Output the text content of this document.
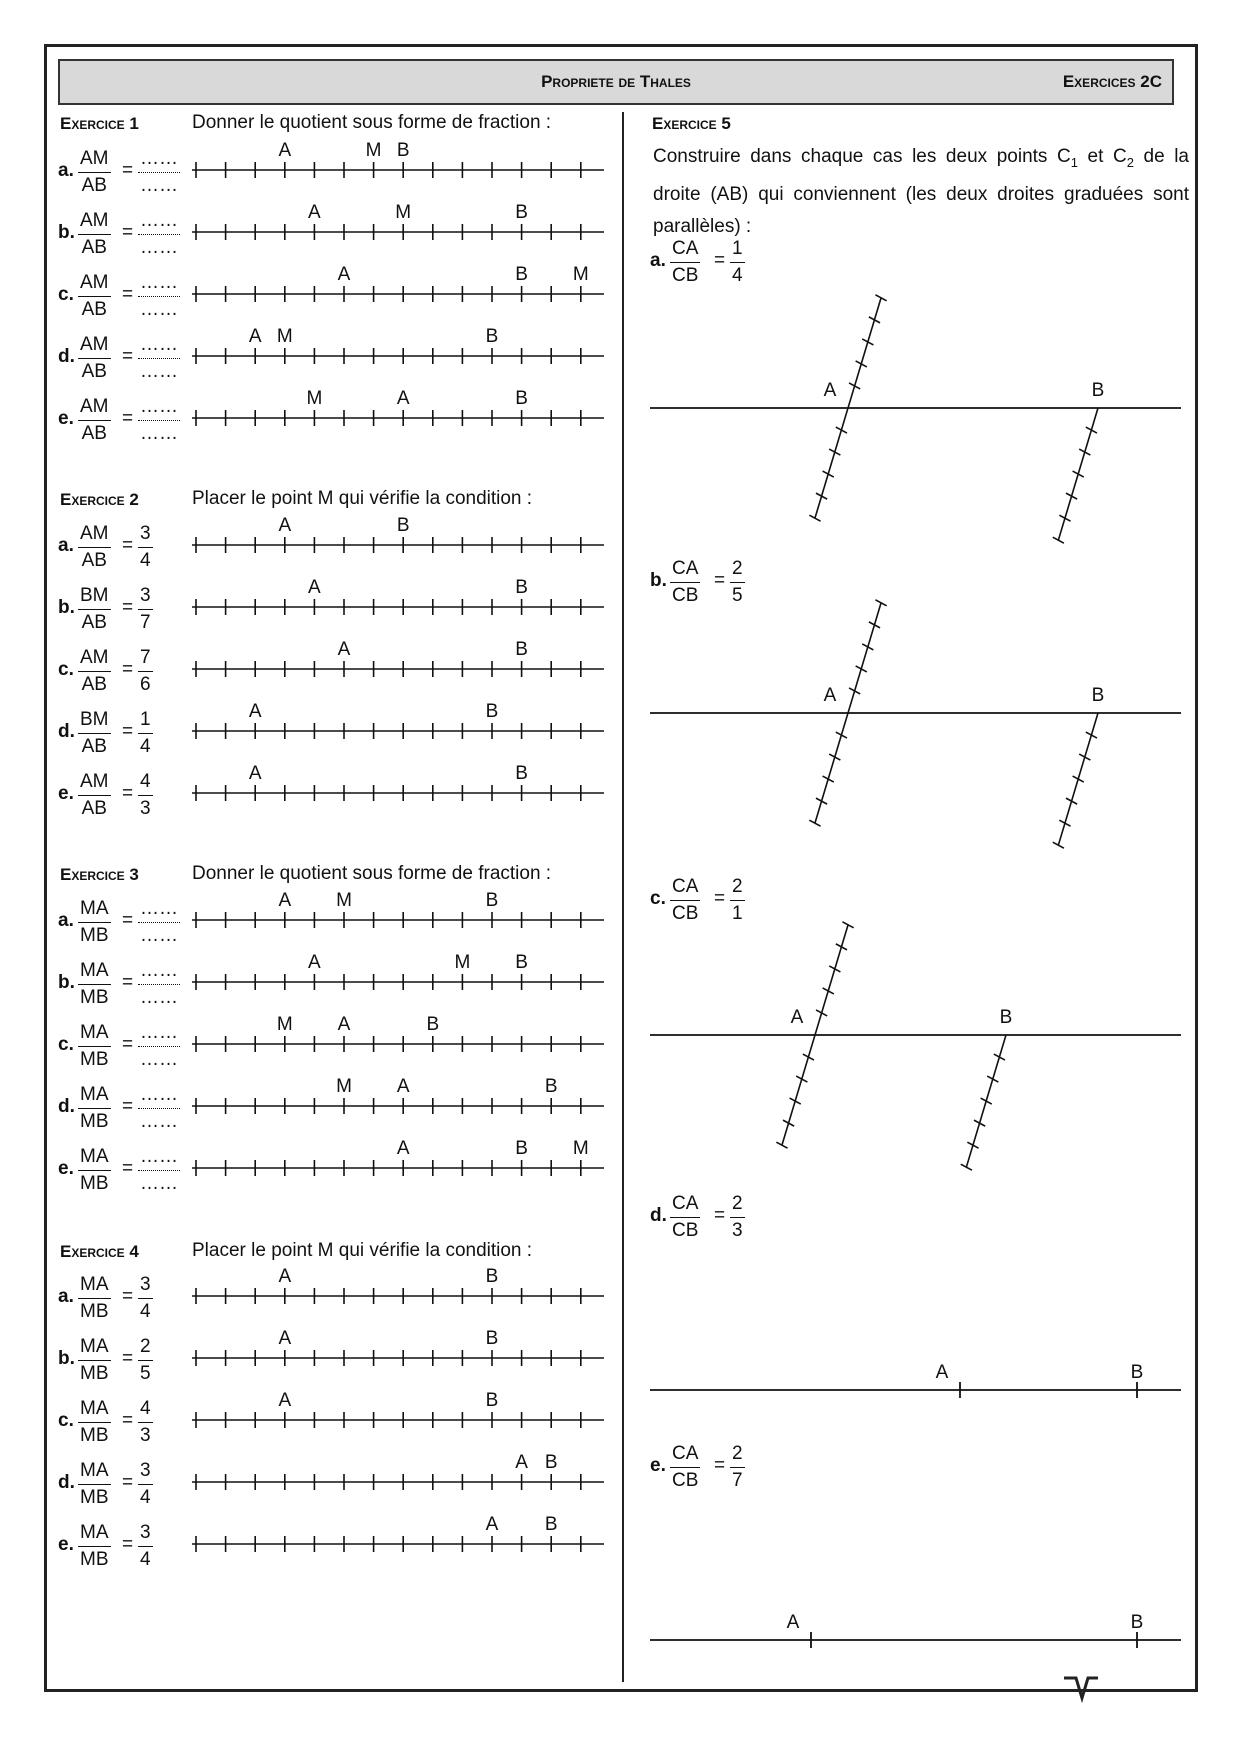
Propriete de Thales	Exercices 2C
Exercice 1	Donner le quotient sous forme de fraction :
Exercice 2	Placer le point M qui vérifie la condition :
Exercice 3	Donner le quotient sous forme de fraction :
Exercice 4	Placer le point M qui vérifie la condition :
Exercice 5
Construire dans chaque cas les deux points $C_1$ et $C_2$ de la droite (AB) qui conviennent (les deux droites graduées sont parallèles) :
a. $\frac{AM}{AB}$ =
……
……
b. $\frac{AM}{AB}$ =
……
……
c. $\frac{AM}{AB}$ =
……
……
d. $\frac{AM}{AB}$ =
……
……
e. $\frac{AM}{AB}$ =
……
……
a. $\frac{AM}{AB} = \frac{3}{4}$
b. $\frac{BM}{AB} = \frac{3}{7}$
c. $\frac{AM}{AB} = \frac{7}{6}$
d. $\frac{BM}{AB} = \frac{1}{4}$
e. $\frac{AM}{AB} = \frac{4}{3}$
a. $\frac{MA}{MB}$ =
……
……
b. $\frac{MA}{MB}$ =
……
……
c. $\frac{MA}{MB}$ =
……
……
d. $\frac{MA}{MB}$ =
……
……
e. $\frac{MA}{MB}$ =
……
……
a. $\frac{MA}{MB} = \frac{3}{4}$
b. $\frac{MA}{MB} = \frac{2}{5}$
c. $\frac{MA}{MB} = \frac{4}{3}$
d. $\frac{MA}{MB} = \frac{3}{4}$
e. $\frac{MA}{MB} = \frac{3}{4}$
a. $\frac{CA}{CB} = \frac{1}{4}$
b. $\frac{CA}{CB} = \frac{2}{5}$
c. $\frac{CA}{CB} = \frac{2}{1}$
d. $\frac{CA}{CB} = \frac{2}{3}$
e. $\frac{CA}{CB} = \frac{2}{7}$
A	M B
A	M	B
A	B M
A M	B
M	A	B
A	B
A	B
A	B
A	B
A	B
A M	B
A	M B
M A	B
M A	B
A	B M
A	B
A	B
A	B
A B
A B
A	B
A	B
A	B
A	B
A	B
